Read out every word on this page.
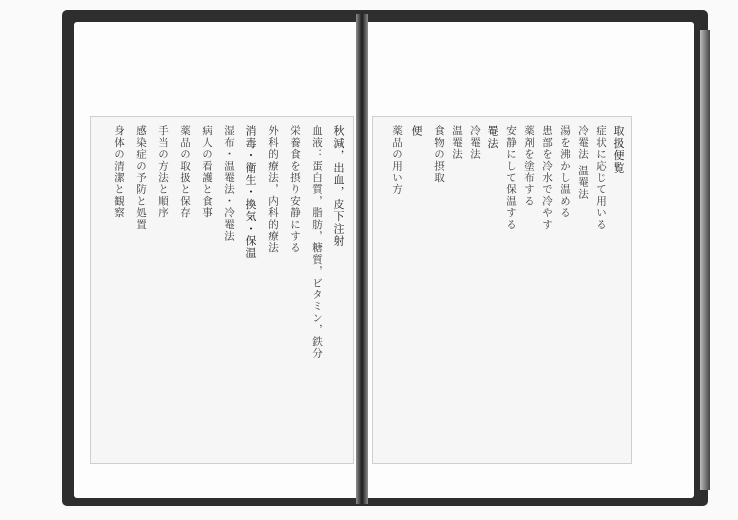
秋減，出血，皮下注射
血液：蛋白質，脂肪，糖質，ビタミン，鉄分
栄養食を摂り安静にする
外科的療法，内科的療法
消毒・衛生・換気・保温
湿布・温罨法・冷罨法
病人の看護と食事
薬品の取扱と保存
手当の方法と順序
感染症の予防と処置
身体の清潔と観察	取扱便覧
症状に応じて用いる
冷罨法 温罨法
湯を沸かし温める
患部を冷水で冷やす
薬剤を塗布する
安静にして保温する
罨法
冷罨法
温罨法
食物の摂取
便
薬品の用い方
